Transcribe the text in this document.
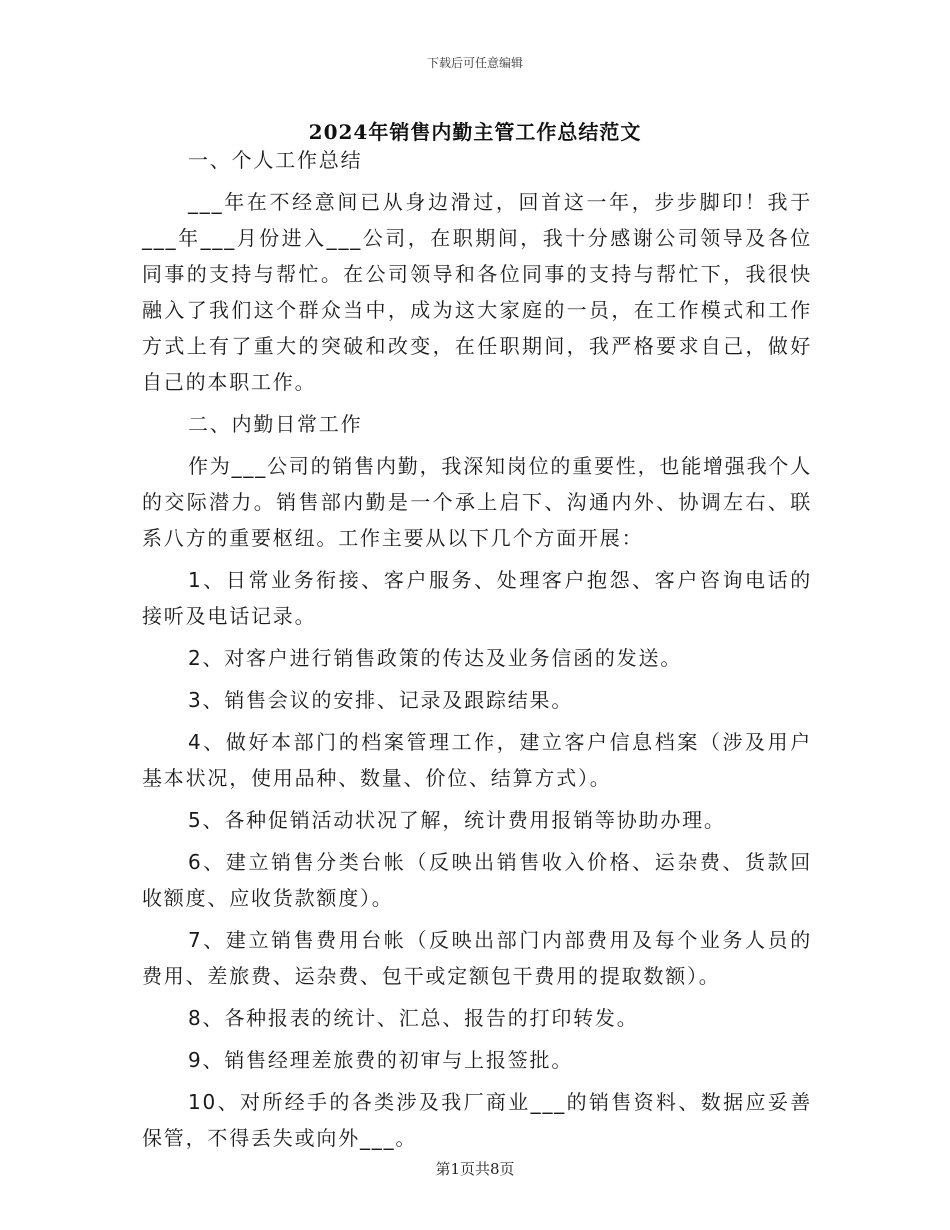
下载后可任意编辑
2024年销售内勤主管工作总结范文

一、个人工作总结

___年在不经意间已从身边滑过，回首这一年，步步脚印！我于___年___月份进入___公司，在职期间，我十分感谢公司领导及各位同事的支持与帮忙。在公司领导和各位同事的支持与帮忙下，我很快融入了我们这个群众当中，成为这大家庭的一员，在工作模式和工作方式上有了重大的突破和改变，在任职期间，我严格要求自己，做好自己的本职工作。

二、内勤日常工作

作为___公司的销售内勤，我深知岗位的重要性，也能增强我个人的交际潜力。销售部内勤是一个承上启下、沟通内外、协调左右、联系八方的重要枢纽。工作主要从以下几个方面开展：

1、日常业务衔接、客户服务、处理客户抱怨、客户咨询电话的接听及电话记录。

2、对客户进行销售政策的传达及业务信函的发送。

3、销售会议的安排、记录及跟踪结果。

4、做好本部门的档案管理工作，建立客户信息档案（涉及用户基本状况，使用品种、数量、价位、结算方式）。

5、各种促销活动状况了解，统计费用报销等协助办理。

6、建立销售分类台帐（反映出销售收入价格、运杂费、货款回收额度、应收货款额度）。

7、建立销售费用台帐（反映出部门内部费用及每个业务人员的费用、差旅费、运杂费、包干或定额包干费用的提取数额）。

8、各种报表的统计、汇总、报告的打印转发。

9、销售经理差旅费的初审与上报签批。

10、对所经手的各类涉及我厂商业___的销售资料、数据应妥善保管，不得丢失或向外___。

第1页共8页
